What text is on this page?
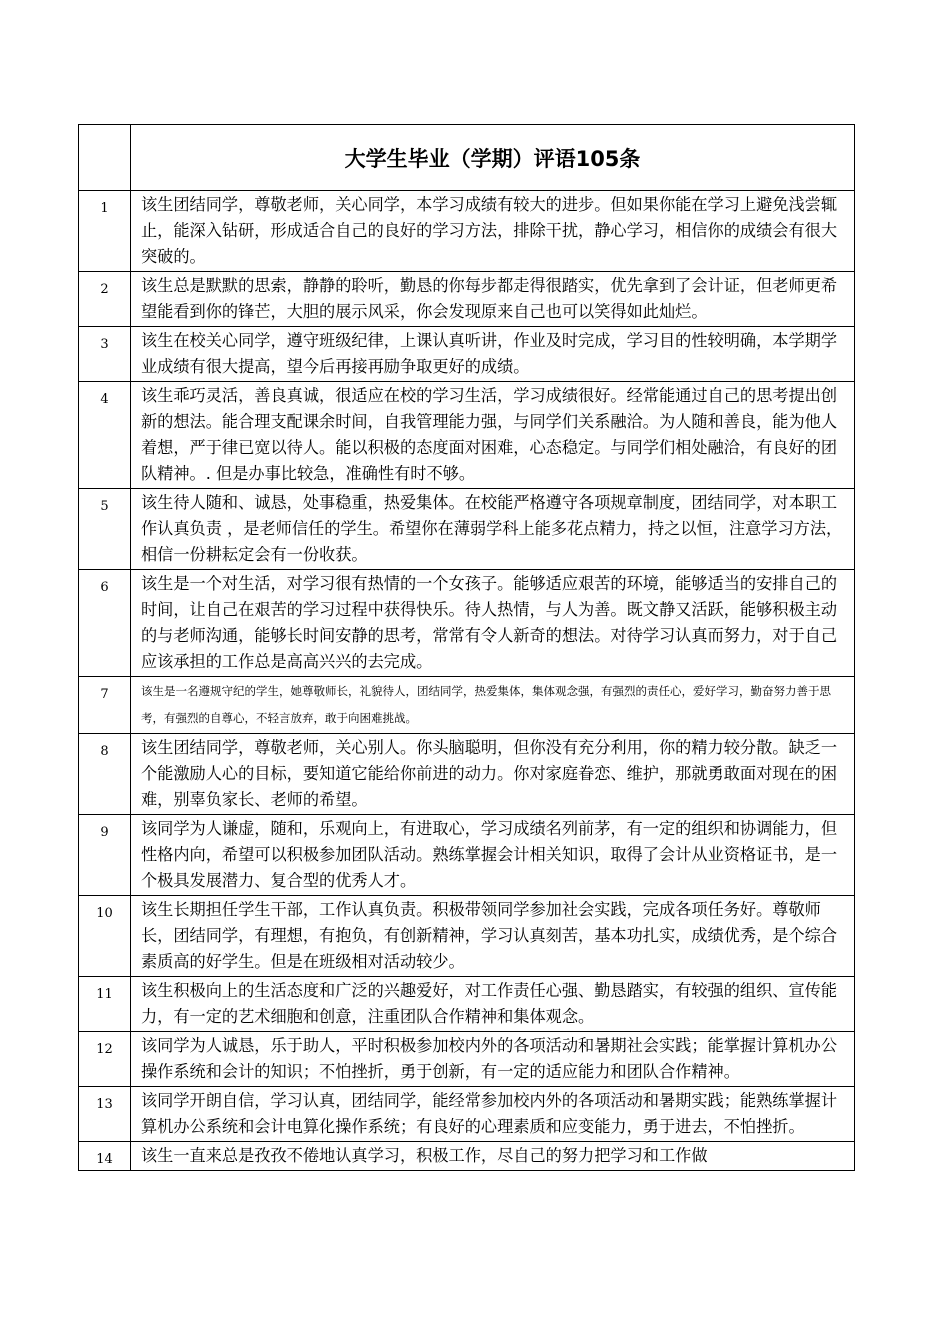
	大学生毕业（学期）评语105条
1	该生团结同学，尊敬老师，关心同学，本学习成绩有较大的进步。但如果你能在学习上避免浅尝辄止，能深入钻研，形成适合自己的良好的学习方法，排除干扰，静心学习，相信你的成绩会有很大突破的。
2	该生总是默默的思索，静静的聆听，勤恳的你每步都走得很踏实，优先拿到了会计证，但老师更希望能看到你的锋芒，大胆的展示风采，你会发现原来自己也可以笑得如此灿烂。
3	该生在校关心同学，遵守班级纪律，上课认真听讲，作业及时完成，学习目的性较明确，本学期学业成绩有很大提高，望今后再接再励争取更好的成绩。
4	该生乖巧灵活，善良真诚，很适应在校的学习生活，学习成绩很好。经常能通过自己的思考提出创新的想法。能合理支配课余时间，自我管理能力强，与同学们关系融洽。为人随和善良，能为他人着想，严于律已宽以待人。能以积极的态度面对困难，心态稳定。与同学们相处融洽，有良好的团队精神。. 但是办事比较急，准确性有时不够。
5	该生待人随和、诚恳，处事稳重，热爱集体。在校能严格遵守各项规章制度，团结同学，对本职工作认真负责 ，是老师信任的学生。希望你在薄弱学科上能多花点精力，持之以恒，注意学习方法，相信一份耕耘定会有一份收获。
6	该生是一个对生活，对学习很有热情的一个女孩子。能够适应艰苦的环境，能够适当的安排自己的时间，让自己在艰苦的学习过程中获得快乐。待人热情，与人为善。既文静又活跃，能够积极主动的与老师沟通，能够长时间安静的思考，常常有令人新奇的想法。对待学习认真而努力，对于自己应该承担的工作总是高高兴兴的去完成。
7	该生是一名遵规守纪的学生，她尊敬师长，礼貌待人，团结同学，热爱集体，集体观念强，有强烈的责任心，爱好学习，勤奋努力善于思考，有强烈的自尊心，不轻言放弃，敢于向困难挑战。
8	该生团结同学，尊敬老师，关心别人。你头脑聪明，但你没有充分利用，你的精力较分散。缺乏一个能激励人心的目标，要知道它能给你前进的动力。你对家庭眷恋、维护，那就勇敢面对现在的困难，别辜负家长、老师的希望。
9	该同学为人谦虚，随和，乐观向上，有进取心，学习成绩名列前茅，有一定的组织和协调能力，但性格内向，希望可以积极参加团队活动。熟练掌握会计相关知识，取得了会计从业资格证书，是一个极具发展潜力、复合型的优秀人才。
10	该生长期担任学生干部，工作认真负责。积极带领同学参加社会实践，完成各项任务好。尊敬师长，团结同学，有理想，有抱负，有创新精神，学习认真刻苦，基本功扎实，成绩优秀，是个综合素质高的好学生。但是在班级相对活动较少。
11	该生积极向上的生活态度和广泛的兴趣爱好，对工作责任心强、勤恳踏实，有较强的组织、宣传能力，有一定的艺术细胞和创意，注重团队合作精神和集体观念。
12	该同学为人诚恳，乐于助人，平时积极参加校内外的各项活动和暑期社会实践；能掌握计算机办公操作系统和会计的知识；不怕挫折，勇于创新，有一定的适应能力和团队合作精神。
13	该同学开朗自信，学习认真，团结同学，能经常参加校内外的各项活动和暑期实践；能熟练掌握计算机办公系统和会计电算化操作系统；有良好的心理素质和应变能力，勇于进去，不怕挫折。
14	该生一直来总是孜孜不倦地认真学习，积极工作，尽自己的努力把学习和工作做
